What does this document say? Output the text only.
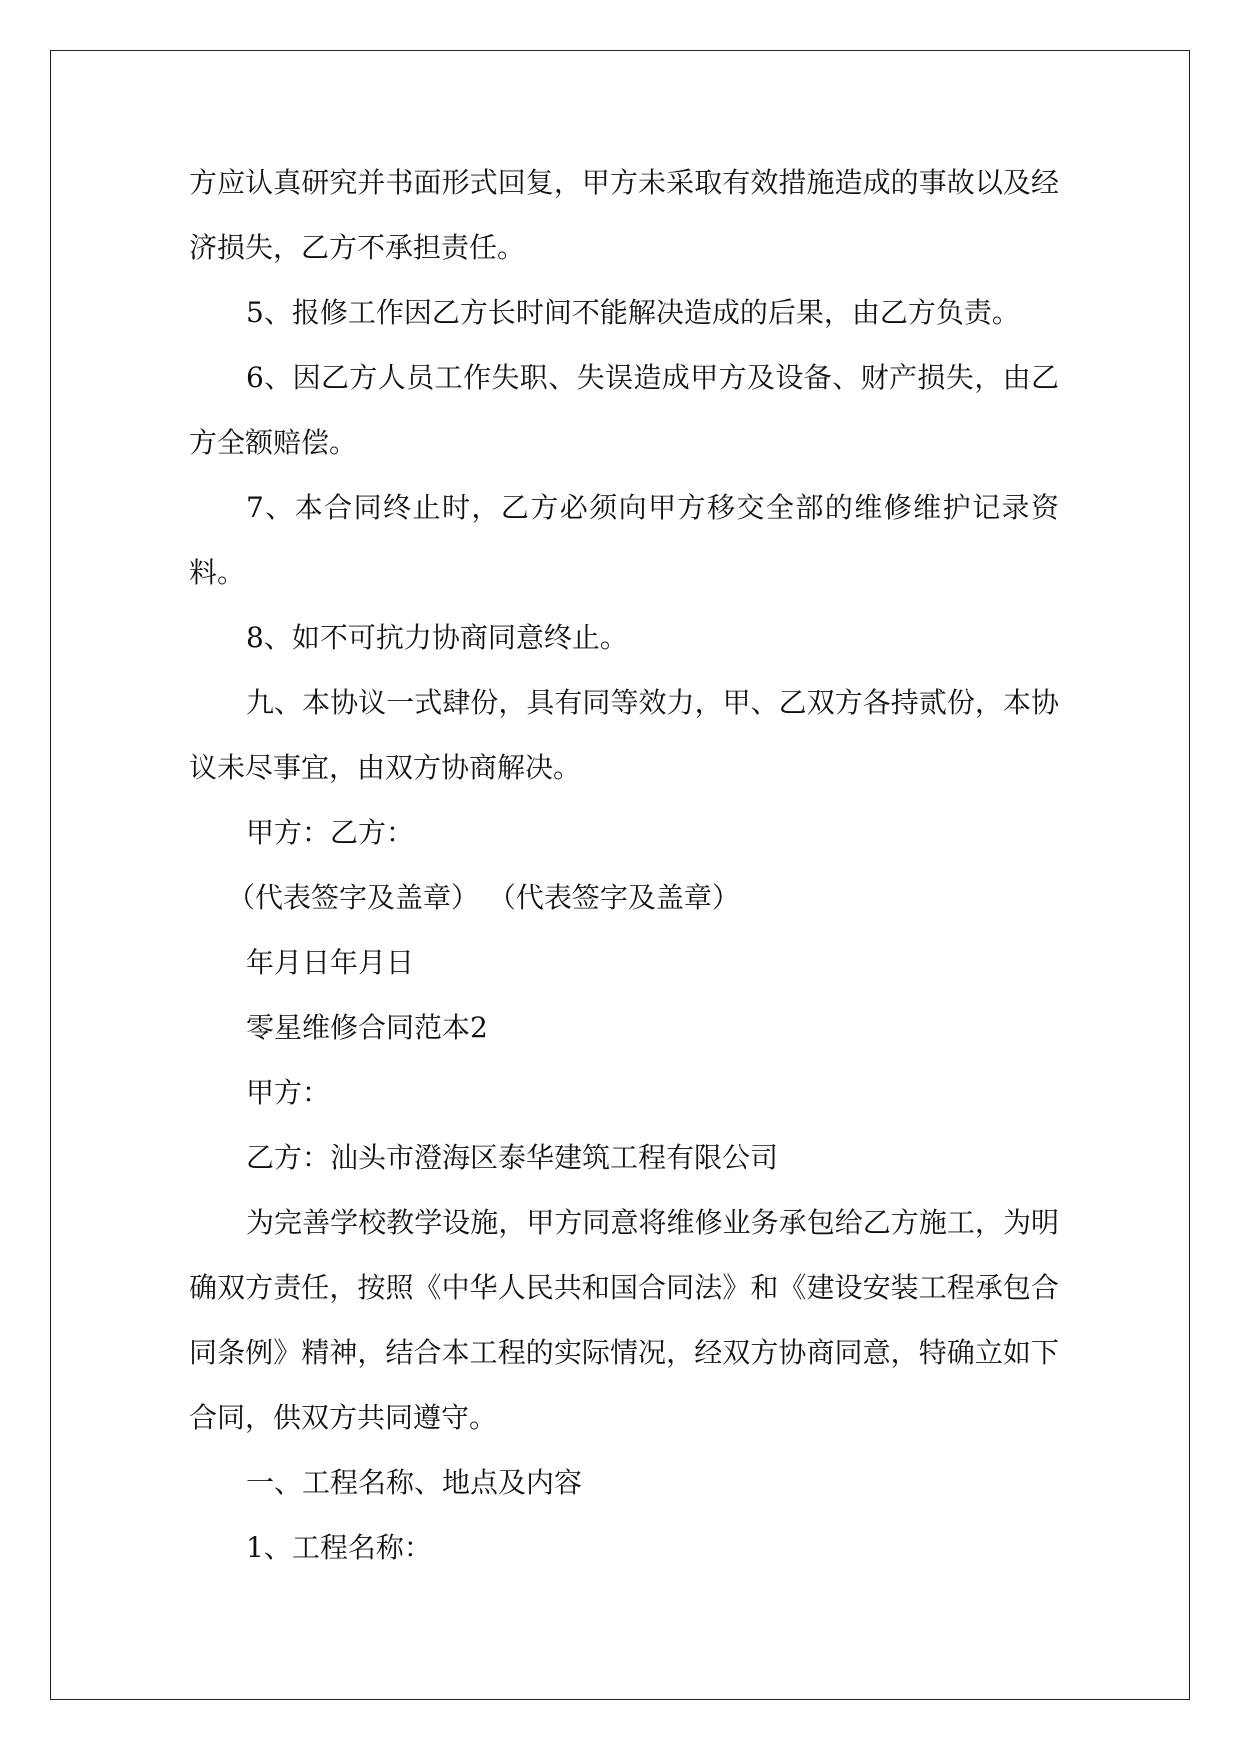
方应认真研究并书面形式回复，甲方未采取有效措施造成的事故以及经济损失，乙方不承担责任。

5、报修工作因乙方长时间不能解决造成的后果，由乙方负责。

6、因乙方人员工作失职、失误造成甲方及设备、财产损失，由乙方全额赔偿。

7、本合同终止时，乙方必须向甲方移交全部的维修维护记录资料。

8、如不可抗力协商同意终止。

九、本协议一式肆份，具有同等效力，甲、乙双方各持贰份，本协议未尽事宜，由双方协商解决。

甲方：乙方：

（代表签字及盖章） （代表签字及盖章）

年月日年月日

零星维修合同范本2

甲方：

乙方：汕头市澄海区泰华建筑工程有限公司

为完善学校教学设施，甲方同意将维修业务承包给乙方施工，为明确双方责任，按照《中华人民共和国合同法》和《建设安装工程承包合同条例》精神，结合本工程的实际情况，经双方协商同意，特确立如下合同，供双方共同遵守。

一、工程名称、地点及内容

1、工程名称：
